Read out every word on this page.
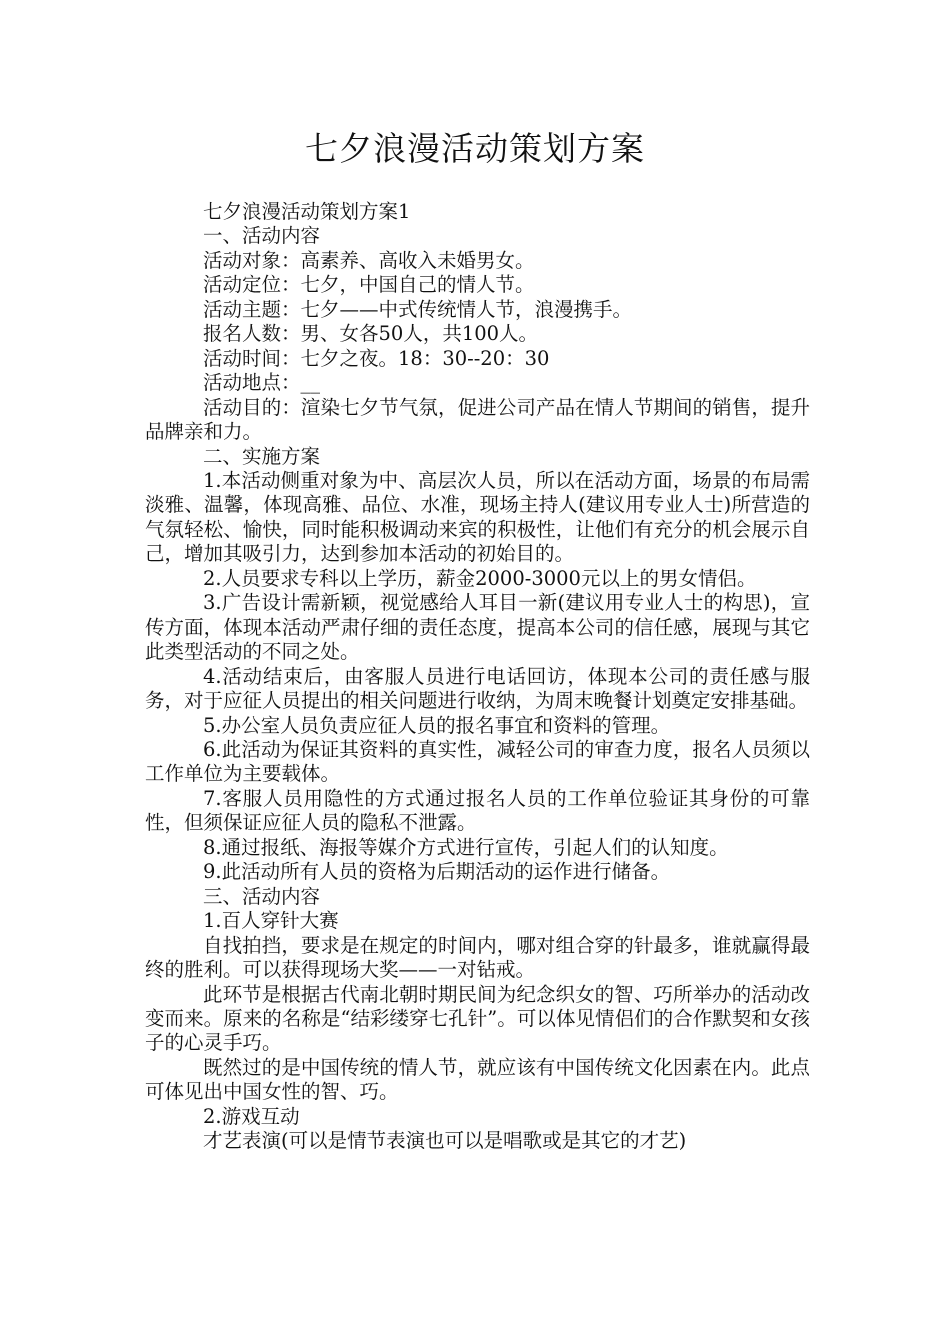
七夕浪漫活动策划方案

七夕浪漫活动策划方案1

一、活动内容

活动对象：高素养、高收入未婚男女。

活动定位：七夕，中国自己的情人节。

活动主题：七夕——中式传统情人节，浪漫携手。

报名人数：男、女各50人，共100人。

活动时间：七夕之夜。18：30--20：30

活动地点：__

活动目的：渲染七夕节气氛，促进公司产品在情人节期间的销售，提升品牌亲和力。

二、实施方案

1.本活动侧重对象为中、高层次人员，所以在活动方面，场景的布局需淡雅、温馨，体现高雅、品位、水准，现场主持人(建议用专业人士)所营造的气氛轻松、愉快，同时能积极调动来宾的积极性，让他们有充分的机会展示自己，增加其吸引力，达到参加本活动的初始目的。

2.人员要求专科以上学历，薪金2000-3000元以上的男女情侣。

3.广告设计需新颖，视觉感给人耳目一新(建议用专业人士的构思)，宣传方面，体现本活动严肃仔细的责任态度，提高本公司的信任感，展现与其它此类型活动的不同之处。

4.活动结束后，由客服人员进行电话回访，体现本公司的责任感与服务，对于应征人员提出的相关问题进行收纳，为周末晚餐计划奠定安排基础。

5.办公室人员负责应征人员的报名事宜和资料的管理。

6.此活动为保证其资料的真实性，减轻公司的审查力度，报名人员须以工作单位为主要载体。

7.客服人员用隐性的方式通过报名人员的工作单位验证其身份的可靠性，但须保证应征人员的隐私不泄露。

8.通过报纸、海报等媒介方式进行宣传，引起人们的认知度。

9.此活动所有人员的资格为后期活动的运作进行储备。

三、活动内容

1.百人穿针大赛

自找拍挡，要求是在规定的时间内，哪对组合穿的针最多，谁就赢得最终的胜利。可以获得现场大奖——一对钻戒。

此环节是根据古代南北朝时期民间为纪念织女的智、巧所举办的活动改变而来。原来的名称是“结彩缕穿七孔针”。可以体见情侣们的合作默契和女孩子的心灵手巧。

既然过的是中国传统的情人节，就应该有中国传统文化因素在内。此点可体见出中国女性的智、巧。

2.游戏互动

才艺表演(可以是情节表演也可以是唱歌或是其它的才艺)
